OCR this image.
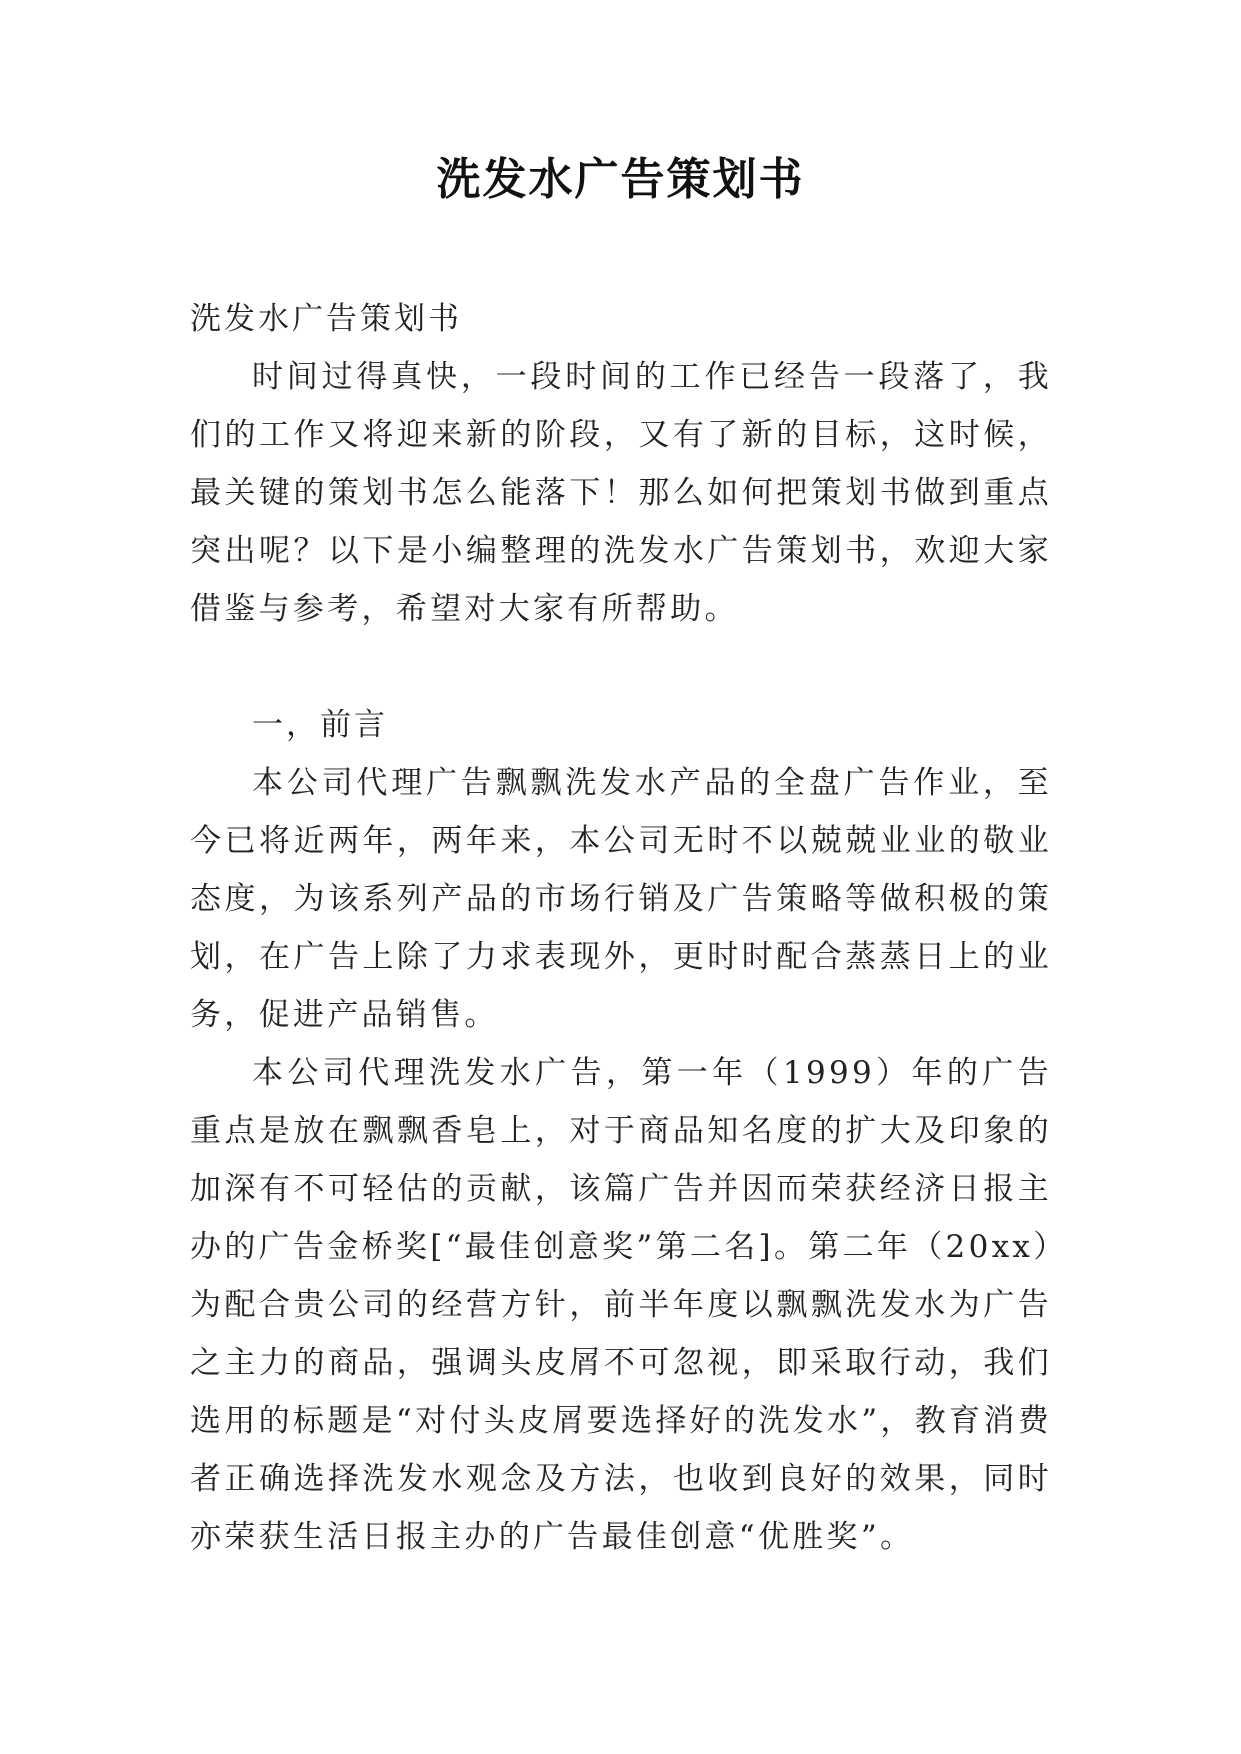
洗发水广告策划书

洗发水广告策划书

时间过得真快，一段时间的工作已经告一段落了，我们的工作又将迎来新的阶段，又有了新的目标，这时候，最关键的策划书怎么能落下！那么如何把策划书做到重点突出呢？以下是小编整理的洗发水广告策划书，欢迎大家借鉴与参考，希望对大家有所帮助。

一，前言

本公司代理广告飘飘洗发水产品的全盘广告作业，至今已将近两年，两年来，本公司无时不以兢兢业业的敬业态度，为该系列产品的市场行销及广告策略等做积极的策划，在广告上除了力求表现外，更时时配合蒸蒸日上的业务，促进产品销售。

本公司代理洗发水广告，第一年（1999）年的广告重点是放在飘飘香皂上，对于商品知名度的扩大及印象的加深有不可轻估的贡献，该篇广告并因而荣获经济日报主办的广告金桥奖[“最佳创意奖”第二名]。第二年（20xx）为配合贵公司的经营方针，前半年度以飘飘洗发水为广告之主力的商品，强调头皮屑不可忽视，即采取行动，我们选用的标题是“对付头皮屑要选择好的洗发水”，教育消费者正确选择洗发水观念及方法，也收到良好的效果，同时亦荣获生活日报主办的广告最佳创意“优胜奖”。
